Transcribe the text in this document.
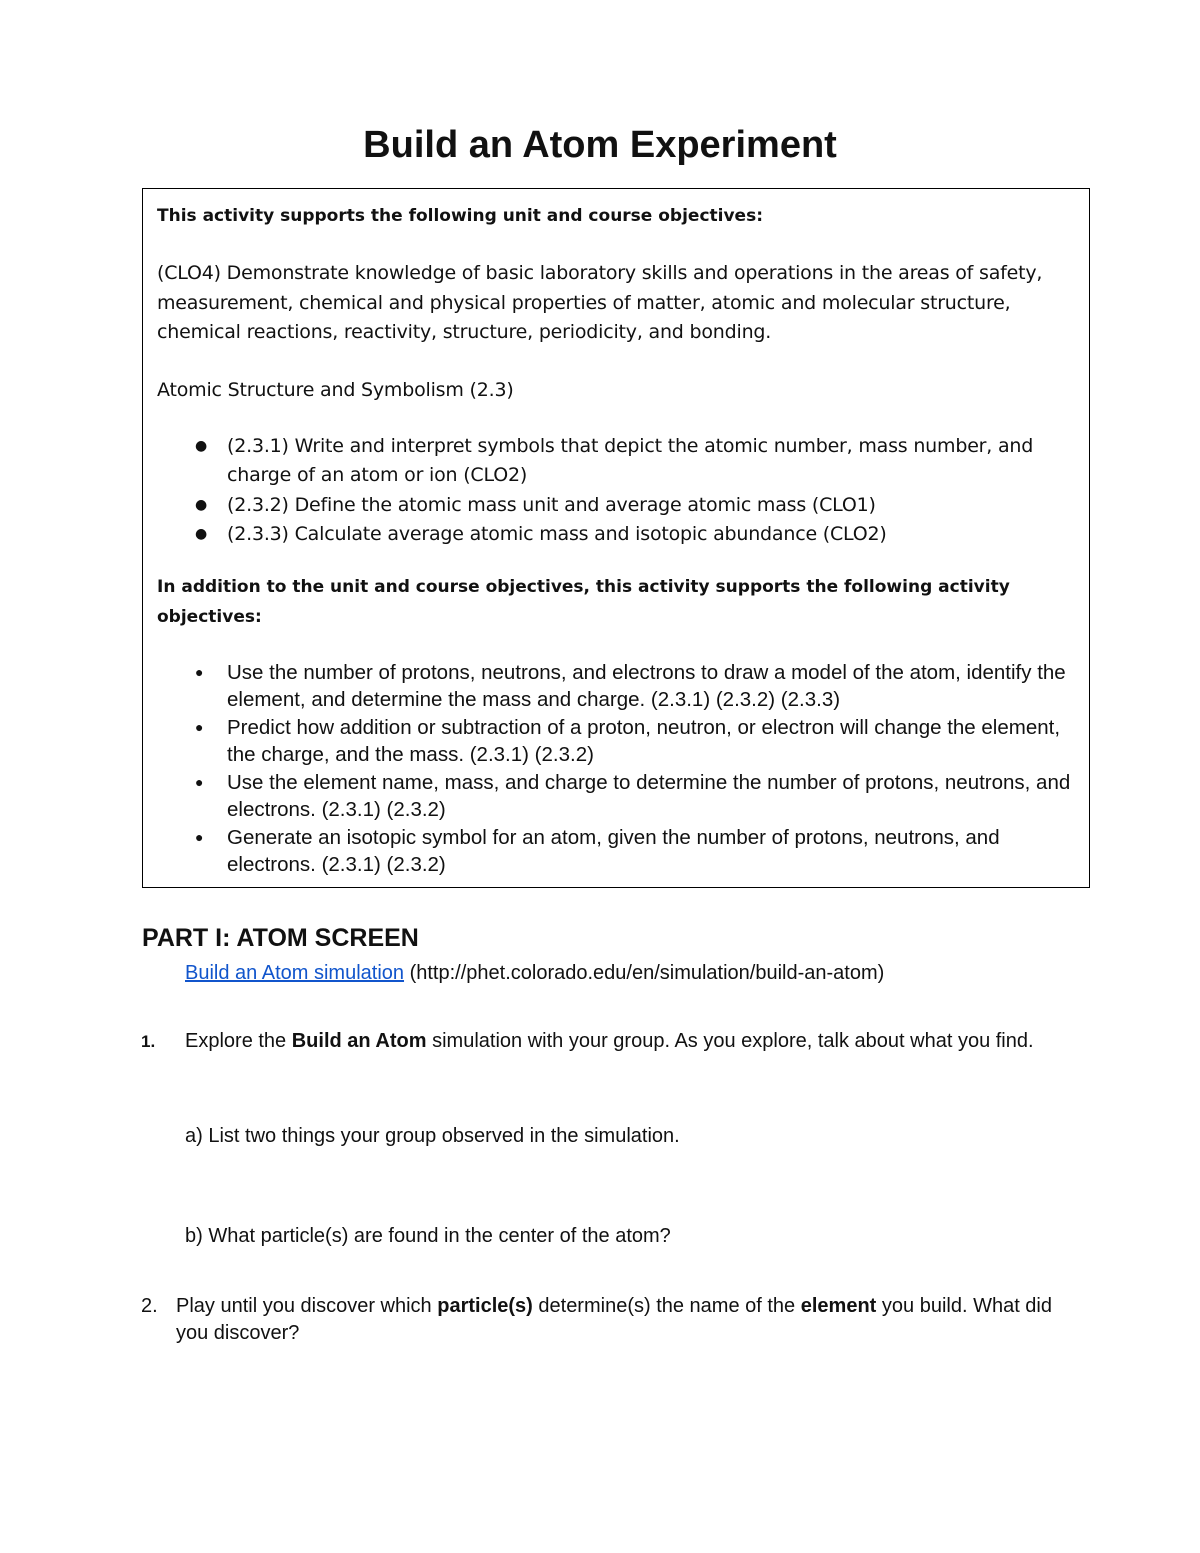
Build an Atom Experiment

This activity supports the following unit and course objectives:

(CLO4) Demonstrate knowledge of basic laboratory skills and operations in the areas of safety, measurement, chemical and physical properties of matter, atomic and molecular structure, chemical reactions, reactivity, structure, periodicity, and bonding.

Atomic Structure and Symbolism (2.3)

● (2.3.1) Write and interpret symbols that depict the atomic number, mass number, and charge of an atom or ion (CLO2)
● (2.3.2) Define the atomic mass unit and average atomic mass (CLO1)
● (2.3.3) Calculate average atomic mass and isotopic abundance (CLO2)

In addition to the unit and course objectives, this activity supports the following activity objectives:

● Use the number of protons, neutrons, and electrons to draw a model of the atom, identify the element, and determine the mass and charge. (2.3.1) (2.3.2) (2.3.3)
● Predict how addition or subtraction of a proton, neutron, or electron will change the element, the charge, and the mass. (2.3.1) (2.3.2)
● Use the element name, mass, and charge to determine the number of protons, neutrons, and electrons. (2.3.1) (2.3.2)
● Generate an isotopic symbol for an atom, given the number of protons, neutrons, and electrons. (2.3.1) (2.3.2)
PART I: ATOM SCREEN
Build an Atom simulation (http://phet.colorado.edu/en/simulation/build-an-atom)
1. Explore the Build an Atom simulation with your group. As you explore, talk about what you find.
a) List two things your group observed in the simulation.
b) What particle(s) are found in the center of the atom?
2. Play until you discover which particle(s) determine(s) the name of the element you build. What did you discover?
